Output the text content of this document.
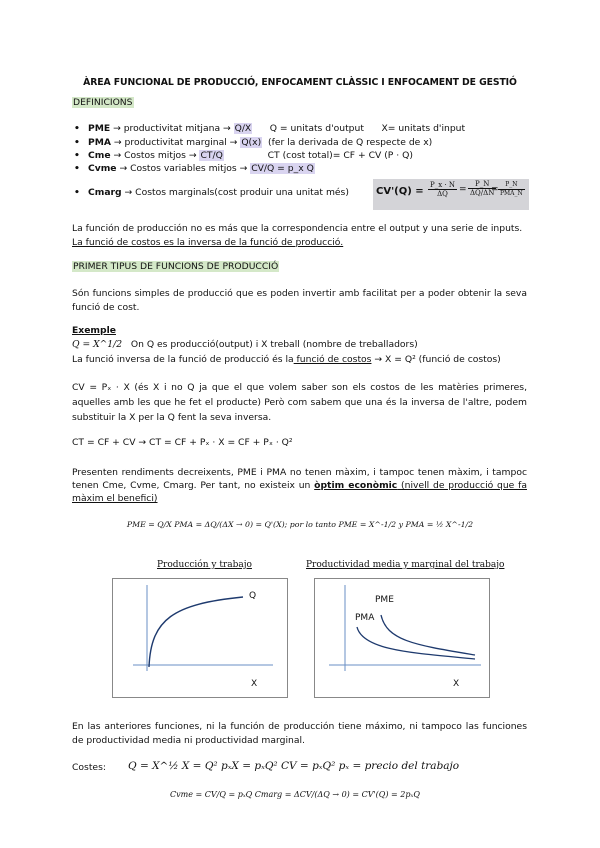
ÀREA FUNCIONAL DE PRODUCCIÓ, ENFOCAMENT CLÀSSIC I ENFOCAMENT DE GESTIÓ
DEFINICIONS
• PME → productivitat mitjana → Q/X      Q = unitats d'output      X= unitats d'input
• PMA → productivitat marginal → Q(x)  (fer la derivada de Q respecte de x)
• Cme → Costos mitjos → CT/Q               CT (cost total)= CF + CV (P · Q)
• Cvme → Costos variables mitjos → CV/Q = p_x Q
• Cmarg → Costos marginals(cost produir una unitat més)	$CV'(Q) = \frac{P\_x \cdot N}{\Delta Q} = \frac{P\_N}{\Delta Q/\Delta N}$
=
P_N
PMA_N
La función de producción no es más que la correspondencia entre el output y una serie de inputs.
La funció de costos es la inversa de la funció de producció.
PRIMER TIPUS DE FUNCIONS DE PRODUCCIÓ
Són funcions simples de producció que es poden invertir amb facilitat per a poder obtenir la seva funció de cost.
Exemple
Q = X^1/2   On Q es producció(output) i X treball (nombre de treballadors)
La funció inversa de la funció de producció és la funció de costos → X = Q² (funció de costos)
CV = Pₓ · X (és X i no Q ja que el que volem saber son els costos de les matèries primeres, aquelles amb les que he fet el producte) Però com sabem que una és la inversa de l'altre, podem substituir la X per la Q fent la seva inversa.
CT = CF + CV → CT = CF + Pₓ · X = CF + Pₓ · Q²
Presenten rendiments decreixents, PME i PMA no tenen màxim, i tampoc tenen màxim, i tampoc tenen Cme, Cvme, Cmarg. Per tant, no existeix un òptim econòmic (nivell de producció que fa màxim el benefici)
PME = Q/X PMA = ΔQ/(ΔX → 0) = Q'(X); por lo tanto PME = X^-1/2 y PMA = ½ X^-1/2
Producción y trabajo
Q
X
Productividad media y marginal del trabajo
PME
PMA
X
En las anteriores funciones, ni la función de producción tiene máximo, ni tampoco las funciones de productividad media ni productividad marginal.
Costes: Q = X^½ X = Q² pₓX = pₓQ² CV = pₓQ² pₓ = precio del trabajo
Cvme = CV/Q = pₓQ Cmarg = ΔCV/(ΔQ → 0) = CV'(Q) = 2pₓQ
